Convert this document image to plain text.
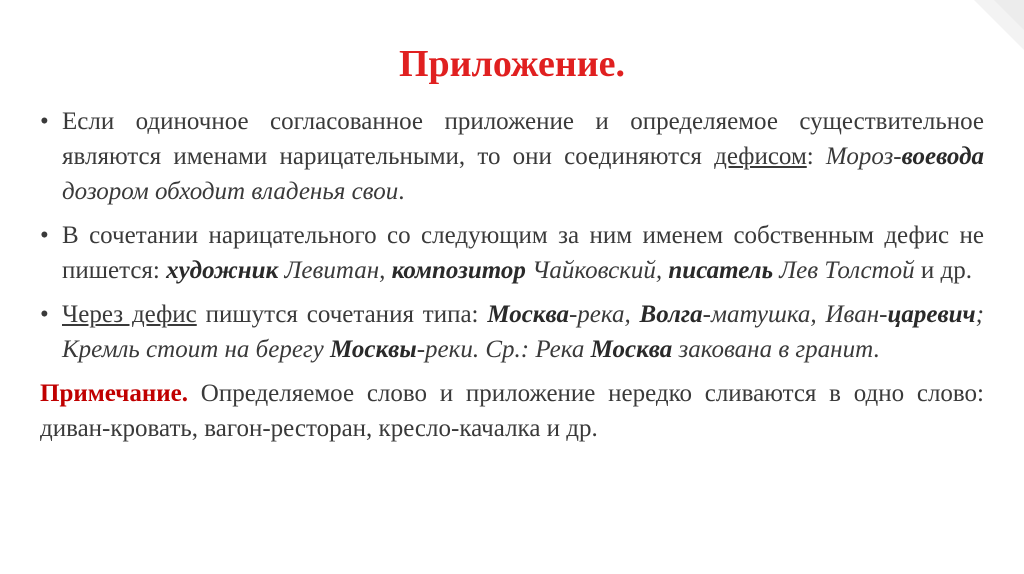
Приложение.
• Если одиночное согласованное приложение и определяемое существительное являются именами нарицательными, то они соединяются дефисом: Мороз-воевода дозором обходит владенья свои.
• В сочетании нарицательного со следующим за ним именем собственным дефис не пишется: художник Левитан, композитор Чайковский, писатель Лев Толстой и др.
• Через дефис пишутся сочетания типа: Москва-река, Волга-матушка, Иван-царевич; Кремль стоит на берегу Москвы-реки. Ср.: Река Москва закована в гранит.
Примечание. Определяемое слово и приложение нередко сливаются в одно слово: диван-кровать, вагон-ресторан, кресло-качалка и др.
